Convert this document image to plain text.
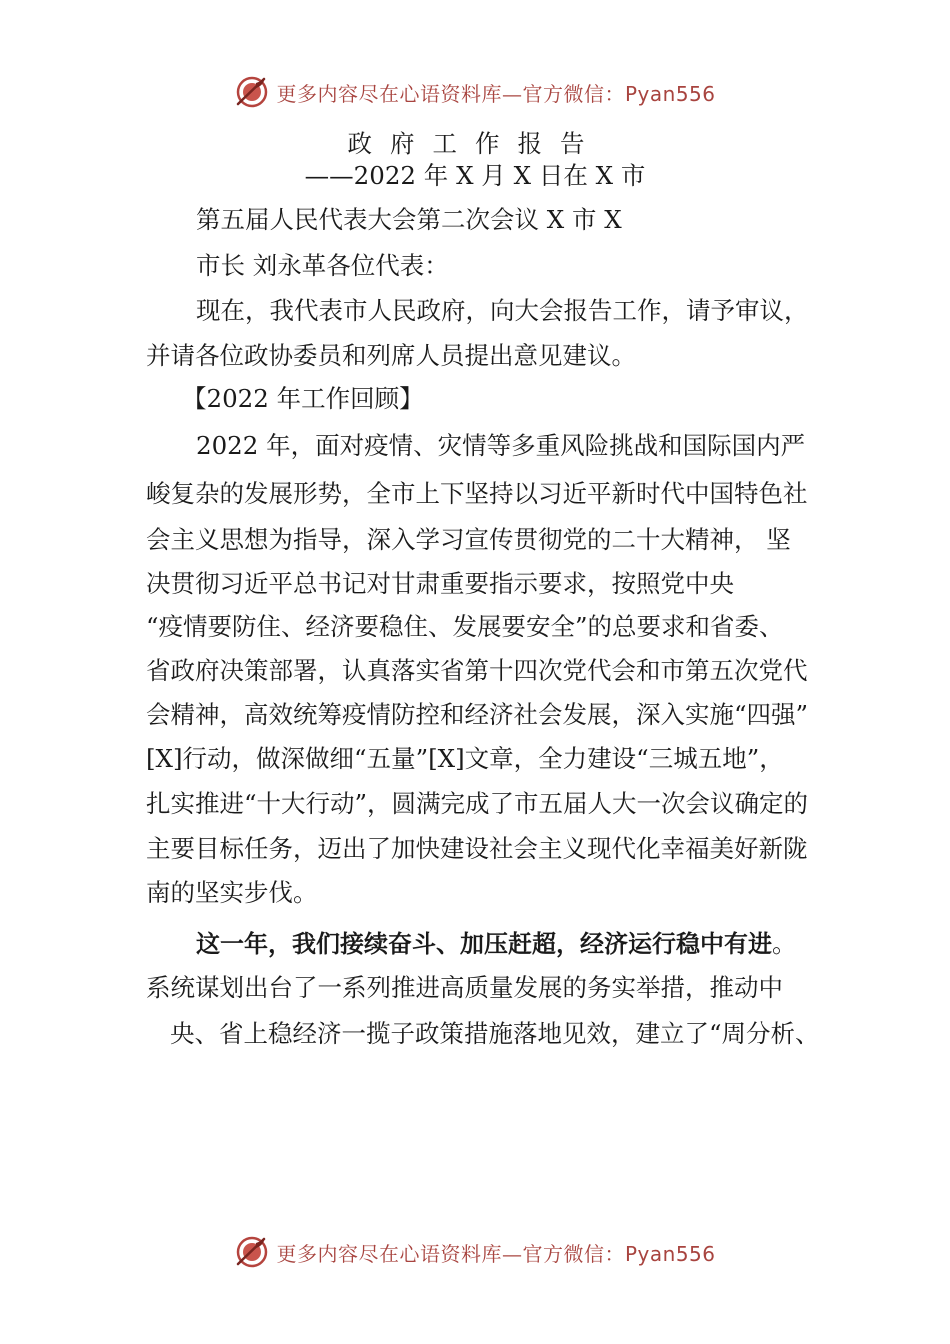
更多内容尽在心语资料库—官方微信：Pyan556
政府工作报告
——2022 年 X 月 X 日在 X 市
第五届人民代表大会第二次会议 X 市 X
市长 刘永革各位代表：
现在，我代表市人民政府，向大会报告工作，请予审议，
并请各位政协委员和列席人员提出意见建议。
【2022 年工作回顾】
2022 年，面对疫情、灾情等多重风险挑战和国际国内严
峻复杂的发展形势，全市上下坚持以习近平新时代中国特色社
会主义思想为指导，深入学习宣传贯彻党的二十大精神， 坚
决贯彻习近平总书记对甘肃重要指示要求，按照党中央
“疫情要防住、经济要稳住、发展要安全”的总要求和省委、
省政府决策部署，认真落实省第十四次党代会和市第五次党代
会精神，高效统筹疫情防控和经济社会发展，深入实施“四强”
[X]行动，做深做细“五量”[X]文章，全力建设“三城五地”，
扎实推进“十大行动”，圆满完成了市五届人大一次会议确定的
主要目标任务，迈出了加快建设社会主义现代化幸福美好新陇
南的坚实步伐。
这一年，我们接续奋斗、加压赶超，经济运行稳中有进。
系统谋划出台了一系列推进高质量发展的务实举措，推动中
央、省上稳经济一揽子政策措施落地见效，建立了“周分析、
更多内容尽在心语资料库—官方微信：Pyan556
